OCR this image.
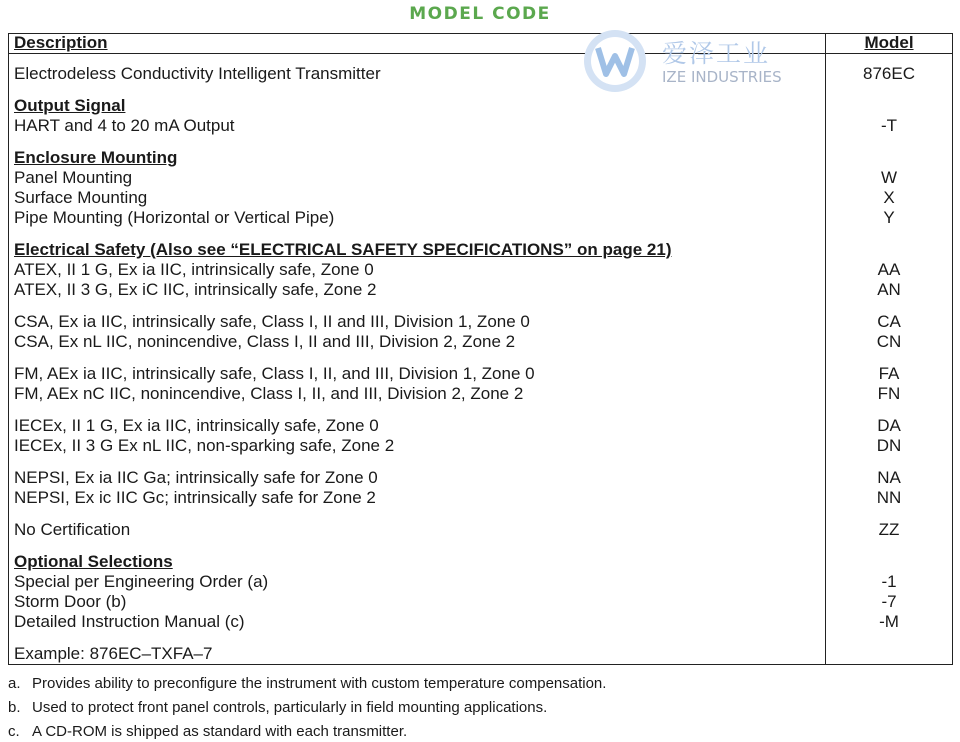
MODEL CODE
Description	Model
Electrodeless Conductivity Intelligent Transmitter	876EC
Output Signal
HART and 4 to 20 mA Output	-T
Enclosure Mounting
Panel Mounting	W
Surface Mounting	X
Pipe Mounting (Horizontal or Vertical Pipe)	Y
Electrical Safety (Also see “ELECTRICAL SAFETY SPECIFICATIONS” on page 21)
ATEX, II 1 G, Ex ia IIC, intrinsically safe, Zone 0	AA
ATEX, II 3 G, Ex iC IIC, intrinsically safe, Zone 2	AN
CSA, Ex ia IIC, intrinsically safe, Class I, II and III, Division 1, Zone 0	CA
CSA, Ex nL IIC, nonincendive, Class I, II and III, Division 2, Zone 2	CN
FM, AEx ia IIC, intrinsically safe, Class I, II, and III, Division 1, Zone 0	FA
FM, AEx nC IIC, nonincendive, Class I, II, and III, Division 2, Zone 2	FN
IECEx, II 1 G, Ex ia IIC, intrinsically safe, Zone 0	DA
IECEx, II 3 G Ex nL IIC, non-sparking safe, Zone 2	DN
NEPSI, Ex ia IIC Ga; intrinsically safe for Zone 0	NA
NEPSI, Ex ic IIC Gc; intrinsically safe for Zone 2	NN
No Certification	ZZ
Optional Selections
Special per Engineering Order (a)	-1
Storm Door (b)	-7
Detailed Instruction Manual (c)	-M
Example: 876EC–TXFA–7
爱泽工业
IZE INDUSTRIES
a. Provides ability to preconfigure the instrument with custom temperature compensation.
b. Used to protect front panel controls, particularly in field mounting applications.
c. A CD-ROM is shipped as standard with each transmitter.
